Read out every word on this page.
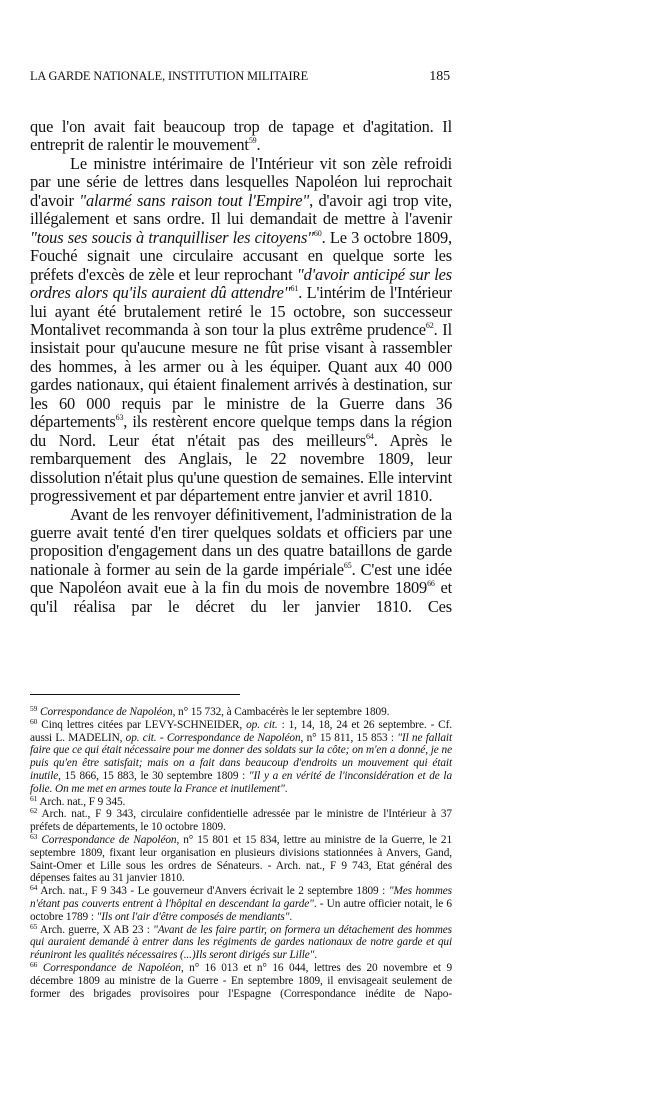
LA GARDE NATIONALE, INSTITUTION MILITAIRE	185

que l'on avait fait beaucoup trop de tapage et d'agitation. Il entreprit de ralentir le mouvement$^{59}$.

Le ministre intérimaire de l'Intérieur vit son zèle refroidi par une série de lettres dans lesquelles Napoléon lui reprochait d'avoir "alarmé sans raison tout l'Empire", d'avoir agi trop vite, illégalement et sans ordre. Il lui demandait de mettre à l'avenir "tous ses soucis à tranquilliser les citoyens"$^{60}$. Le 3 octobre 1809, Fouché signait une circulaire accusant en quelque sorte les préfets d'excès de zèle et leur reprochant "d'avoir anticipé sur les ordres alors qu'ils auraient dû attendre"$^{61}$. L'intérim de l'Intérieur lui ayant été brutalement retiré le 15 octobre, son successeur Montalivet recommanda à son tour la plus extrême prudence$^{62}$. Il insistait pour qu'aucune mesure ne fût prise visant à rassembler des hommes, à les armer ou à les équiper. Quant aux 40 000 gardes nationaux, qui étaient finalement arrivés à destination, sur les 60 000 requis par le ministre de la Guerre dans 36 départements$^{63}$, ils restèrent encore quelque temps dans la région du Nord. Leur état n'était pas des meilleurs$^{64}$. Après le rembarquement des Anglais, le 22 novembre 1809, leur dissolution n'était plus qu'une question de semaines. Elle intervint progressivement et par département entre janvier et avril 1810.

Avant de les renvoyer définitivement, l'administration de la guerre avait tenté d'en tirer quelques soldats et officiers par une proposition d'engagement dans un des quatre bataillons de garde nationale à former au sein de la garde impériale$^{65}$. C'est une idée que Napoléon avait eue à la fin du mois de novembre 1809$^{66}$ et qu'il réalisa par le décret du ler janvier 1810. Ces

$^{59}$ Correspondance de Napoléon, n° 15 732, à Cambacérès le ler septembre 1809.

$^{60}$ Cinq lettres citées par LEVY-SCHNEIDER, op. cit. : 1, 14, 18, 24 et 26 septembre. - Cf. aussi L. MADELIN, op. cit. - Correspondance de Napoléon, n° 15 811, 15 853 : "Il ne fallait faire que ce qui était nécessaire pour me donner des soldats sur la côte; on m'en a donné, je ne puis qu'en être satisfait; mais on a fait dans beaucoup d'endroits un mouvement qui était inutile, 15 866, 15 883, le 30 septembre 1809 : "Il y a en vérité de l'inconsidération et de la folie. On me met en armes toute la France et inutilement".

$^{61}$ Arch. nat., F 9 345.

$^{62}$ Arch. nat., F 9 343, circulaire confidentielle adressée par le ministre de l'Intérieur à 37 préfets de départements, le 10 octobre 1809.

$^{63}$ Correspondance de Napoléon, n° 15 801 et 15 834, lettre au ministre de la Guerre, le 21 septembre 1809, fixant leur organisation en plusieurs divisions stationnées à Anvers, Gand, Saint-Omer et Lille sous les ordres de Sénateurs. - Arch. nat., F 9 743, Etat général des dépenses faites au 31 janvier 1810.

$^{64}$ Arch. nat., F 9 343 - Le gouverneur d'Anvers écrivait le 2 septembre 1809 : "Mes hommes n'étant pas couverts entrent à l'hôpital en descendant la garde". - Un autre officier notait, le 6 octobre 1789 : "Ils ont l'air d'être composés de mendiants".

$^{65}$ Arch. guerre, X AB 23 : "Avant de les faire partir, on formera un détachement des hommes qui auraient demandé à entrer dans les régiments de gardes nationaux de notre garde et qui réuniront les qualités nécessaires (...)Ils seront dirigés sur Lille".

$^{66}$ Correspondance de Napoléon, n° 16 013 et n° 16 044, lettres des 20 novembre et 9 décembre 1809 au ministre de la Guerre - En septembre 1809, il envisageait seulement de former des brigades provisoires pour l'Espagne (Correspondance inédite de Napo-
